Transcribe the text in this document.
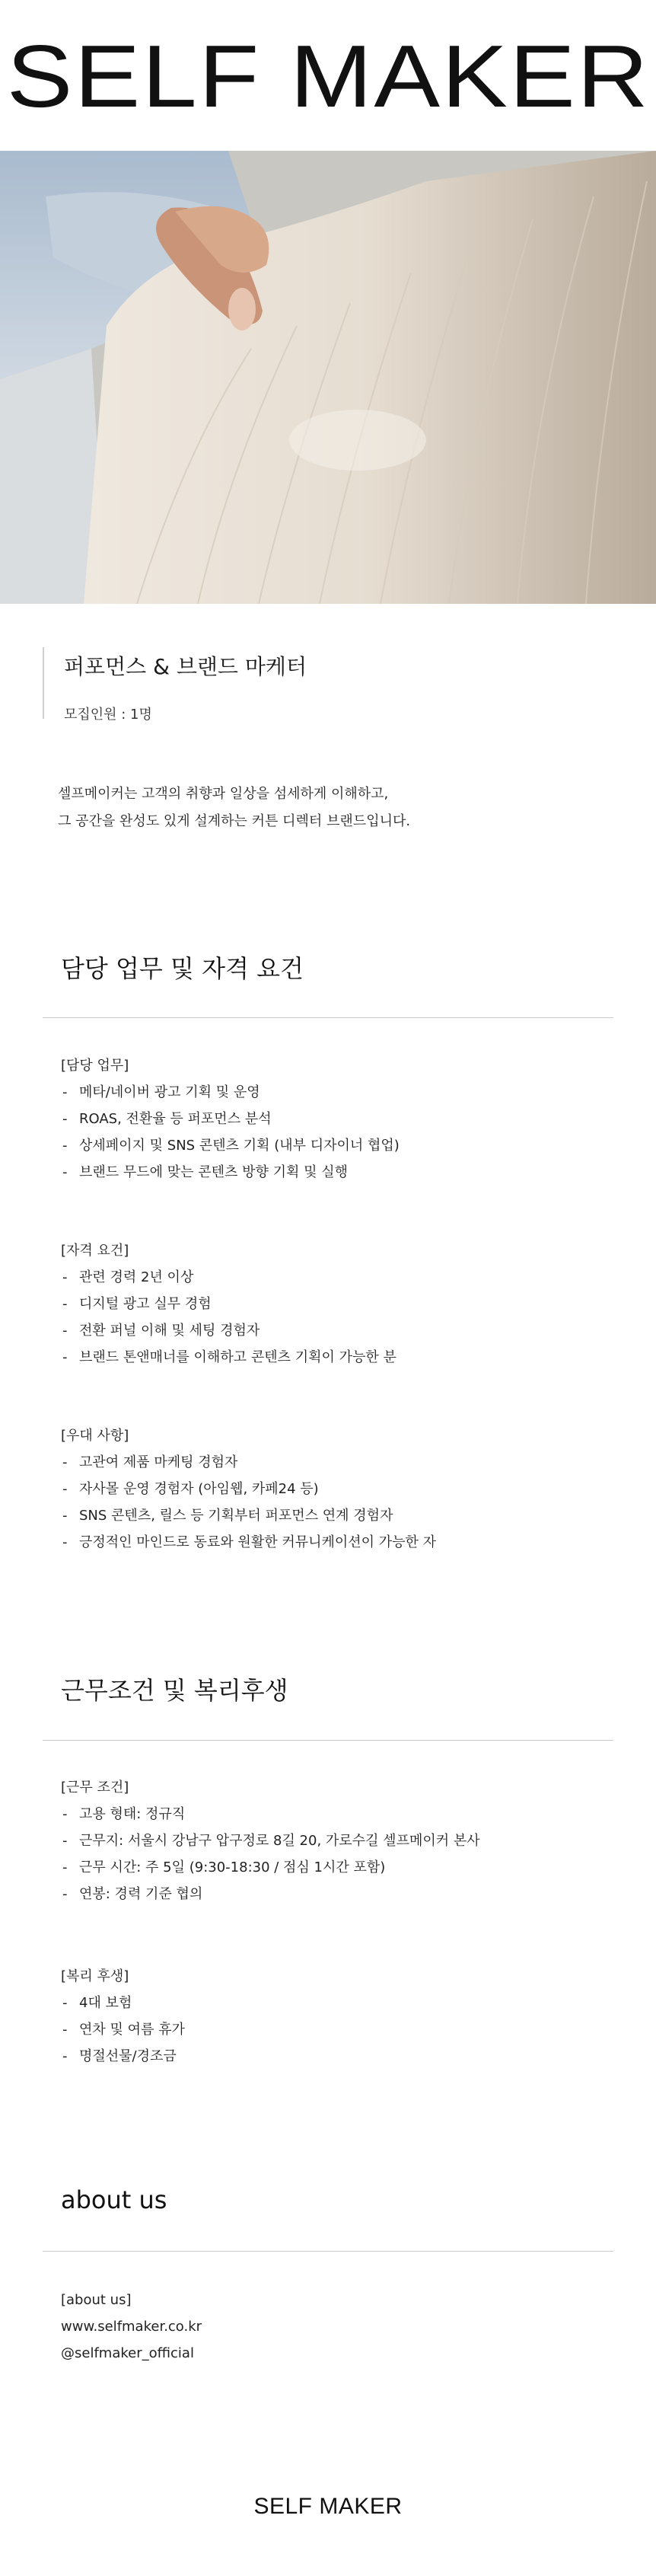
SELF MAKER
퍼포먼스 & 브랜드 마케터
모집인원 : 1명
셀프메이커는 고객의 취향과 일상을 섬세하게 이해하고,
그 공간을 완성도 있게 설계하는 커튼 디렉터 브랜드입니다.
담당 업무 및 자격 요건
[담당 업무]
- 메타/네이버 광고 기획 및 운영
- ROAS, 전환율 등 퍼포먼스 분석
- 상세페이지 및 SNS 콘텐츠 기획 (내부 디자이너 협업)
- 브랜드 무드에 맞는 콘텐츠 방향 기획 및 실행
[자격 요건]
- 관련 경력 2년 이상
- 디지털 광고 실무 경험
- 전환 퍼널 이해 및 세팅 경험자
- 브랜드 톤앤매너를 이해하고 콘텐츠 기획이 가능한 분
[우대 사항]
- 고관여 제품 마케팅 경험자
- 자사몰 운영 경험자 (아임웹, 카페24 등)
- SNS 콘텐츠, 릴스 등 기획부터 퍼포먼스 연계 경험자
- 긍정적인 마인드로 동료와 원활한 커뮤니케이션이 가능한 자
근무조건 및 복리후생
[근무 조건]
- 고용 형태: 정규직
- 근무지: 서울시 강남구 압구정로 8길 20, 가로수길 셀프메이커 본사
- 근무 시간: 주 5일 (9:30-18:30 / 점심 1시간 포함)
- 연봉: 경력 기준 협의
[복리 후생]
- 4대 보험
- 연차 및 여름 휴가
- 명절선물/경조금
about us
[about us]
www.selfmaker.co.kr
@selfmaker_official
SELF MAKER
